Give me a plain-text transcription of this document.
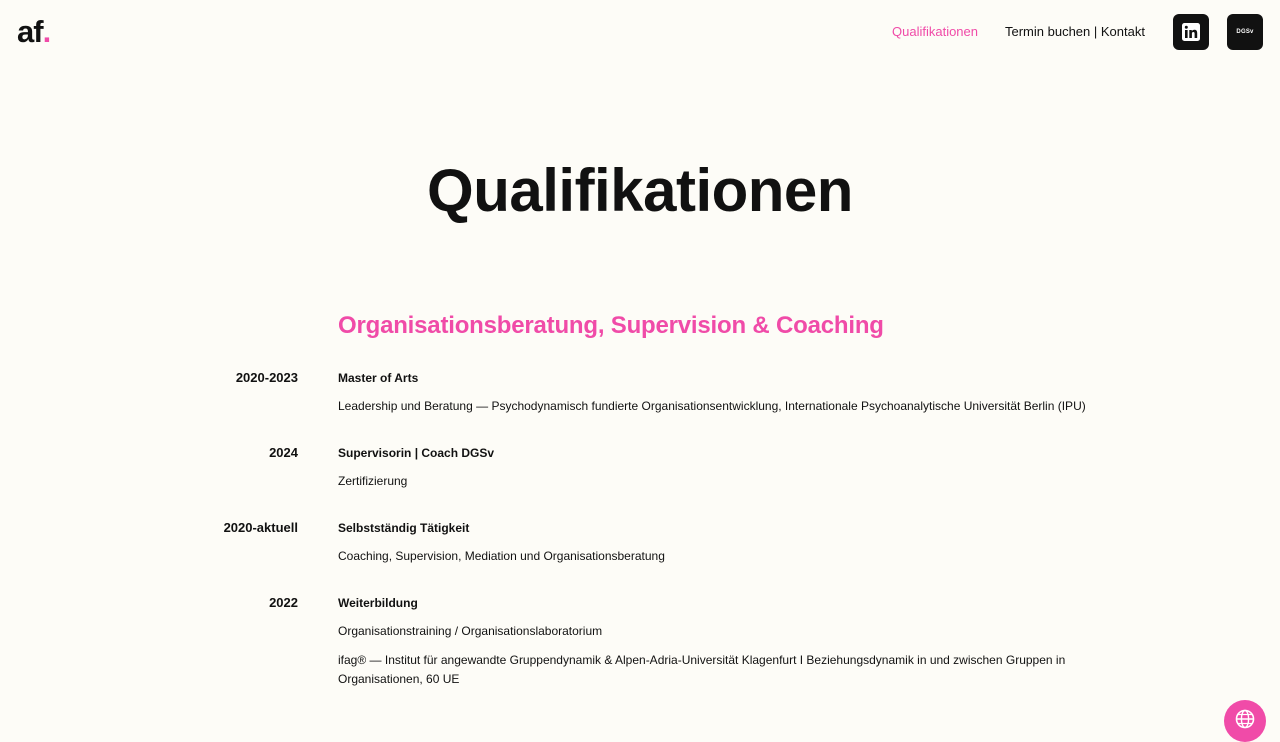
af.	Qualifikationen Termin buchen | Kontakt	DGSv
Qualifikationen
Organisationsberatung, Supervision & Coaching
2020-2023	Master of Arts
Leadership und Beratung — Psychodynamisch fundierte Organisationsentwicklung, Internationale Psychoanalytische Universität Berlin (IPU)
2024	Supervisorin | Coach DGSv
Zertifizierung
2020-aktuell	Selbstständig Tätigkeit
Coaching, Supervision, Mediation und Organisationsberatung
2022	Weiterbildung
Organisationstraining / Organisationslaboratorium
ifag® — Institut für angewandte Gruppendynamik & Alpen-Adria-Universität Klagenfurt I Beziehungsdynamik in und zwischen Gruppen in Organisationen, 60 UE
